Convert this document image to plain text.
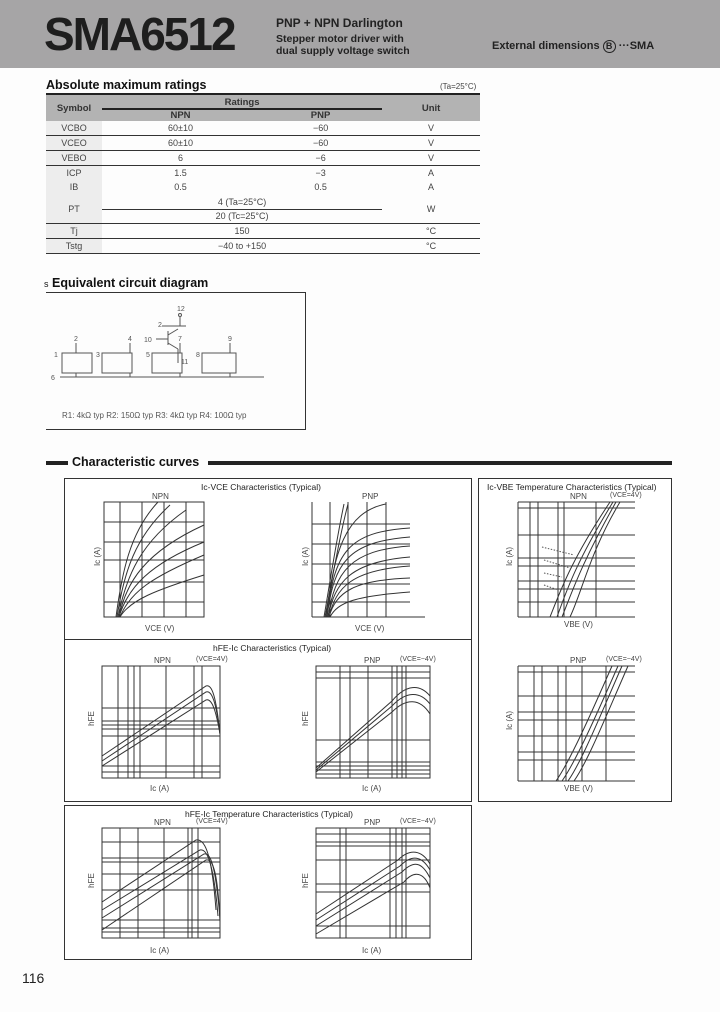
SMA6512	PNP + NPN Darlington
Stepper motor driver with
dual supply voltage switch	External dimensions B ···SMA
Absolute maximum ratings	(Ta=25°C)
Symbol	Ratings		Unit
	NPN	PNP	
VCBO	60±10	−60	V
VCEO	60±10	−60	V
VEBO	6	−6	V
ICP	1.5	−3	A
IB	0.5	0.5	A
PT	4 (Ta=25°C)		W
	20 (Tc=25°C)		
Tj	150		°C
Tstg	−40 to +150		°C
s Equivalent circuit diagram
12
2
10
11
1
2
3
4
5
6
7
8
9
R1: 4kΩ typ R2: 150Ω typ R3: 4kΩ typ R4: 100Ω typ
Characteristic curves
Ic-VCE Characteristics (Typical)
hFE-Ic Characteristics (Typical)
hFE-Ic Temperature Characteristics (Typical)
Ic-VBE Temperature Characteristics (Typical)
NPN
VCE (V)
Ic (A)
PNP
VCE (V)
Ic (A)
NPN	(VCE=4V)
VBE (V)
Ic (A)
PNP	(VCE=−4V)
VBE (V)
Ic (A)
NPN	(VCE=4V)
Ic (A)
hFE
PNP	(VCE=−4V)
Ic (A)
hFE
NPN	(VCE=4V)
Ic (A)
hFE
PNP	(VCE=−4V)
Ic (A)
hFE
116
